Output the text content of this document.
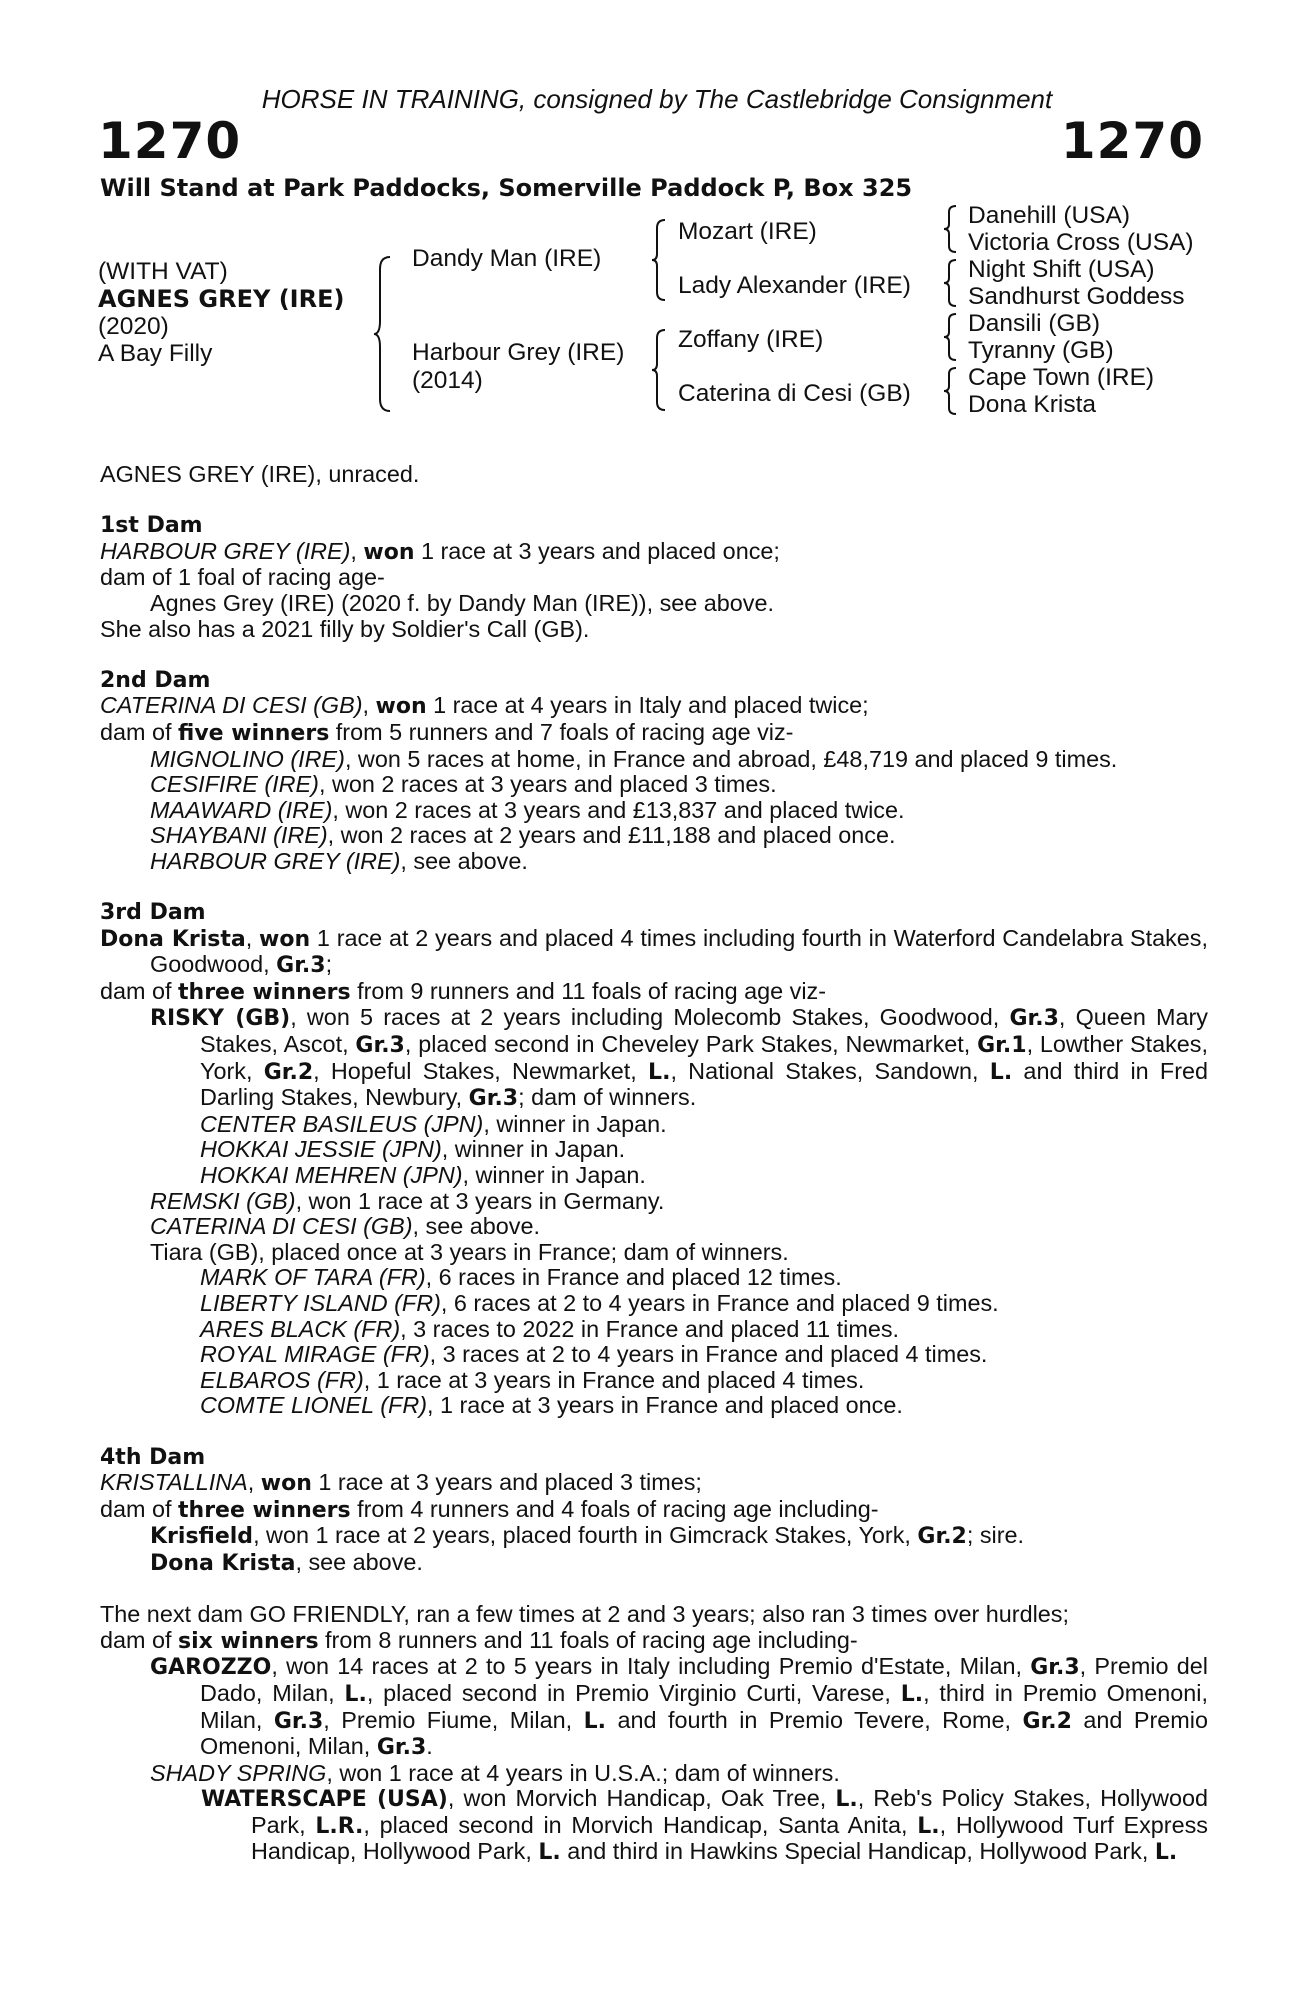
HORSE IN TRAINING, consigned by The Castlebridge Consignment
1270	1270
Will Stand at Park Paddocks, Somerville Paddock P, Box 325
(WITH VAT)
AGNES GREY (IRE)
(2020)
A Bay Filly
Dandy Man (IRE)
Harbour Grey (IRE)
(2014)
Mozart (IRE)
Lady Alexander (IRE)
Zoffany (IRE)
Caterina di Cesi (GB)
Danehill (USA)
Victoria Cross (USA)
Night Shift (USA)
Sandhurst Goddess
Dansili (GB)
Tyranny (GB)
Cape Town (IRE)
Dona Krista

AGNES GREY (IRE), unraced.

1st Dam

HARBOUR GREY (IRE), won 1 race at 3 years and placed once;

dam of 1 foal of racing age-

Agnes Grey (IRE) (2020 f. by Dandy Man (IRE)), see above.

She also has a 2021 filly by Soldier's Call (GB).

2nd Dam

CATERINA DI CESI (GB), won 1 race at 4 years in Italy and placed twice;

dam of five winners from 5 runners and 7 foals of racing age viz-

MIGNOLINO (IRE), won 5 races at home, in France and abroad, £48,719 and placed 9 times.

CESIFIRE (IRE), won 2 races at 3 years and placed 3 times.

MAAWARD (IRE), won 2 races at 3 years and £13,837 and placed twice.

SHAYBANI (IRE), won 2 races at 2 years and £11,188 and placed once.

HARBOUR GREY (IRE), see above.

3rd Dam

Dona Krista, won 1 race at 2 years and placed 4 times including fourth in Waterford Candelabra Stakes, Goodwood, Gr.3;

dam of three winners from 9 runners and 11 foals of racing age viz-

RISKY (GB), won 5 races at 2 years including Molecomb Stakes, Goodwood, Gr.3, Queen Mary Stakes, Ascot, Gr.3, placed second in Cheveley Park Stakes, Newmarket, Gr.1, Lowther Stakes, York, Gr.2, Hopeful Stakes, Newmarket, L., National Stakes, Sandown, L. and third in Fred Darling Stakes, Newbury, Gr.3; dam of winners.

CENTER BASILEUS (JPN), winner in Japan.

HOKKAI JESSIE (JPN), winner in Japan.

HOKKAI MEHREN (JPN), winner in Japan.

REMSKI (GB), won 1 race at 3 years in Germany.

CATERINA DI CESI (GB), see above.

Tiara (GB), placed once at 3 years in France; dam of winners.

MARK OF TARA (FR), 6 races in France and placed 12 times.

LIBERTY ISLAND (FR), 6 races at 2 to 4 years in France and placed 9 times.

ARES BLACK (FR), 3 races to 2022 in France and placed 11 times.

ROYAL MIRAGE (FR), 3 races at 2 to 4 years in France and placed 4 times.

ELBAROS (FR), 1 race at 3 years in France and placed 4 times.

COMTE LIONEL (FR), 1 race at 3 years in France and placed once.

4th Dam

KRISTALLINA, won 1 race at 3 years and placed 3 times;

dam of three winners from 4 runners and 4 foals of racing age including-

Krisfield, won 1 race at 2 years, placed fourth in Gimcrack Stakes, York, Gr.2; sire.

Dona Krista, see above.

The next dam GO FRIENDLY, ran a few times at 2 and 3 years; also ran 3 times over hurdles;

dam of six winners from 8 runners and 11 foals of racing age including-

GAROZZO, won 14 races at 2 to 5 years in Italy including Premio d'Estate, Milan, Gr.3, Premio del Dado, Milan, L., placed second in Premio Virginio Curti, Varese, L., third in Premio Omenoni, Milan, Gr.3, Premio Fiume, Milan, L. and fourth in Premio Tevere, Rome, Gr.2 and Premio Omenoni, Milan, Gr.3.

SHADY SPRING, won 1 race at 4 years in U.S.A.; dam of winners.

WATERSCAPE (USA), won Morvich Handicap, Oak Tree, L., Reb's Policy Stakes, Hollywood Park, L.R., placed second in Morvich Handicap, Santa Anita, L., Hollywood Turf Express Handicap, Hollywood Park, L. and third in Hawkins Special Handicap, Hollywood Park, L.
